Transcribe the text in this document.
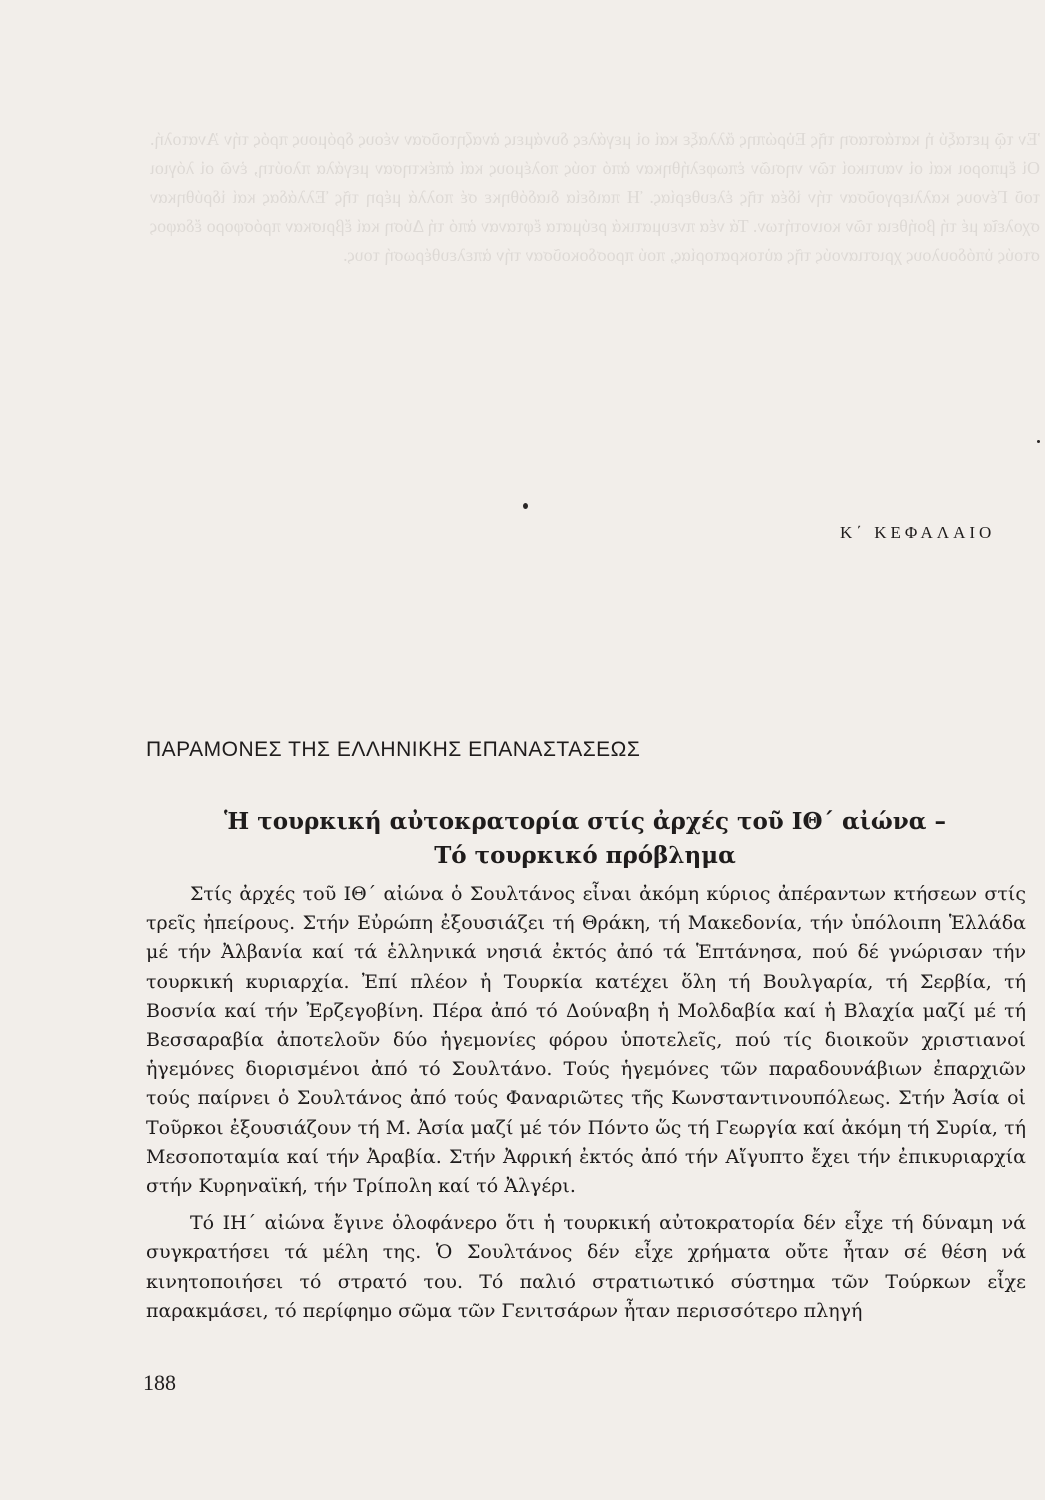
Ἐν τῷ μεταξύ ἡ κατάσταση τῆς Εὐρώπης ἄλλαξε καί οἱ μεγάλες δυνάμεις ἀναζητοῦσαν νέους δρόμους πρός τήν Ἀνατολή. Οἱ ἔμποροι καί οἱ ναυτικοί τῶν νησιῶν ἐπωφελήθηκαν ἀπό τούς πολέμους καί ἀπέκτησαν μεγάλα πλούτη, ἐνῶ οἱ λόγιοι τοῦ Γένους καλλιεργοῦσαν τήν ἰδέα τῆς ἐλευθερίας. Ἡ παιδεία διαδόθηκε σέ πολλά μέρη τῆς Ἑλλάδας καί ἱδρύθηκαν σχολεῖα μέ τή βοήθεια τῶν κοινοτήτων. Τά νέα πνευματικά ρεύματα ἔφταναν ἀπό τή Δύση καί ἔβρισκαν πρόσφορο ἔδαφος στούς ὑπόδουλους χριστιανούς τῆς αὐτοκρατορίας, πού προσδοκοῦσαν τήν ἀπελευθέρωσή τους.
Κ΄ ΚΕΦΑΛΑΙΟ
ΠΑΡΑΜΟΝΕΣ ΤΗΣ ΕΛΛΗΝΙΚΗΣ ΕΠΑΝΑΣΤΑΣΕΩΣ
Ἡ τουρκική αὐτοκρατορία στίς ἀρχές τοῦ ΙΘ΄ αἰώνα –
Τό τουρκικό πρόβλημα

Στίς ἀρχές τοῦ ΙΘ΄ αἰώνα ὁ Σουλτάνος εἶναι ἀκόμη κύριος ἀπέραντων κτήσεων στίς τρεῖς ἠπείρους. Στήν Εὐρώπη ἐξουσιάζει τή Θράκη, τή Μακεδονία, τήν ὑπόλοιπη Ἑλλάδα μέ τήν Ἀλβανία καί τά ἑλληνικά νησιά ἐκτός ἀπό τά Ἑπτάνησα, πού δέ γνώρισαν τήν τουρκική κυριαρχία. Ἐπί πλέον ἡ Τουρκία κατέχει ὅλη τή Βουλγαρία, τή Σερβία, τή Βοσνία καί τήν Ἐρζεγοβίνη. Πέρα ἀπό τό Δούναβη ἡ Μολδαβία καί ἡ Βλαχία μαζί μέ τή Βεσσαραβία ἀποτελοῦν δύο ἡγεμονίες φόρου ὑποτελεῖς, πού τίς διοικοῦν χριστιανοί ἡγεμόνες διορισμένοι ἀπό τό Σουλτάνο. Τούς ἡγεμόνες τῶν παραδουνάβιων ἐπαρχιῶν τούς παίρνει ὁ Σουλτάνος ἀπό τούς Φαναριῶτες τῆς Κωνσταντινουπόλεως. Στήν Ἀσία οἱ Τοῦρκοι ἐξουσιάζουν τή Μ. Ἀσία μαζί μέ τόν Πόντο ὥς τή Γεωργία καί ἀκόμη τή Συρία, τή Μεσοποταμία καί τήν Ἀραβία. Στήν Ἀφρική ἐκτός ἀπό τήν Αἴγυπτο ἔχει τήν ἐπικυριαρχία στήν Κυρηναϊκή, τήν Τρίπολη καί τό Ἀλγέρι.

Τό ΙΗ΄ αἰώνα ἔγινε ὁλοφάνερο ὅτι ἡ τουρκική αὐτοκρατορία δέν εἶχε τή δύναμη νά συγκρατήσει τά μέλη της. Ὁ Σουλτάνος δέν εἶχε χρήματα οὔτε ἦταν σέ θέση νά κινητοποιήσει τό στρατό του. Τό παλιό στρατιωτικό σύστημα τῶν Τούρκων εἶχε παρακμάσει, τό περίφημο σῶμα τῶν Γενιτσάρων ἦταν περισσότερο πληγή

188
